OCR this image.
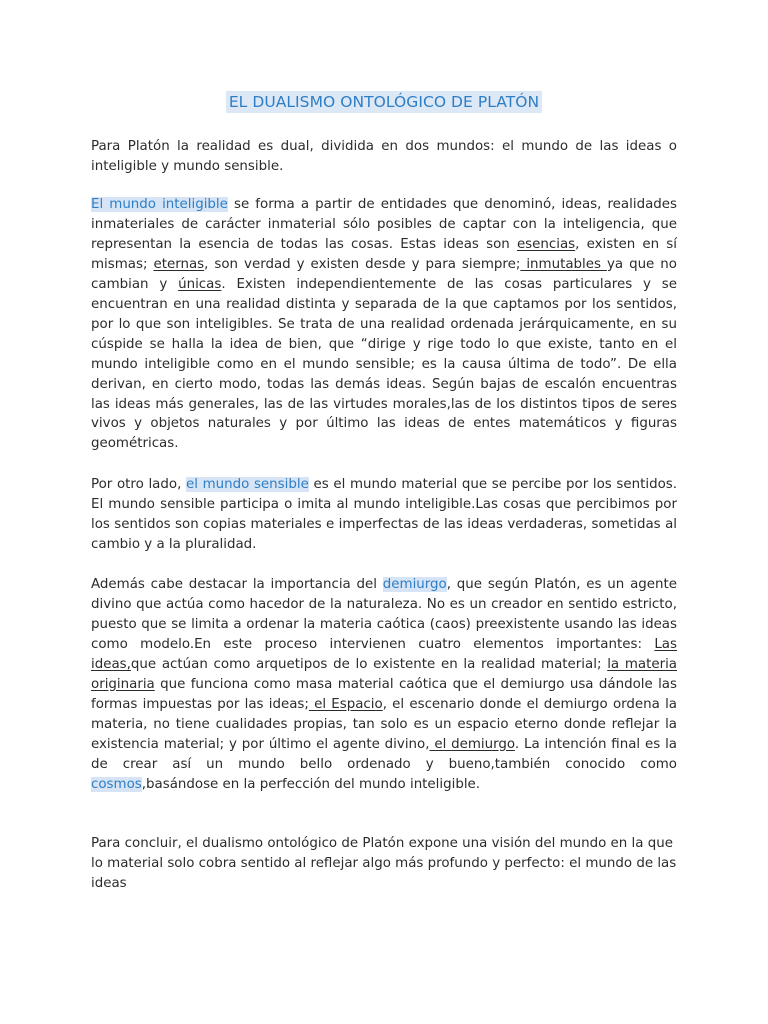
EL DUALISMO ONTOLÓGICO DE PLATÓN

Para Platón la realidad es dual, dividida en dos mundos: el mundo de las ideas o inteligible y mundo sensible.

El mundo inteligible se forma a partir de entidades que denominó, ideas, realidades inmateriales de carácter inmaterial sólo posibles de captar con la inteligencia, que representan la esencia de todas las cosas. Estas ideas son esencias, existen en sí mismas; eternas, son verdad y existen desde y para siempre; inmutables ya que no cambian y únicas. Existen independientemente de las cosas particulares y se encuentran en una realidad distinta y separada de la que captamos por los sentidos, por lo que son inteligibles. Se trata de una realidad ordenada jerárquicamente, en su cúspide se halla la idea de bien, que “dirige y rige todo lo que existe, tanto en el mundo inteligible como en el mundo sensible; es la causa última de todo”. De ella derivan, en cierto modo, todas las demás ideas. Según bajas de escalón encuentras las ideas más generales, las de las virtudes morales,las de los distintos tipos de seres vivos y objetos naturales y por último las ideas de entes matemáticos y figuras geométricas.

Por otro lado, el mundo sensible es el mundo material que se percibe por los sentidos. El mundo sensible participa o imita al mundo inteligible.Las cosas que percibimos por los sentidos son copias materiales e imperfectas de las ideas verdaderas, sometidas al cambio y a la pluralidad.

Además cabe destacar la importancia del demiurgo, que según Platón, es un agente divino que actúa como hacedor de la naturaleza. No es un creador en sentido estricto, puesto que se limita a ordenar la materia caótica (caos) preexistente usando las ideas como modelo.En este proceso intervienen cuatro elementos importantes: Las ideas,que actúan como arquetipos de lo existente en la realidad material; la materia originaria que funciona como masa material caótica que el demiurgo usa dándole las formas impuestas por las ideas; el Espacio, el escenario donde el demiurgo ordena la materia, no tiene cualidades propias, tan solo es un espacio eterno donde reflejar la existencia material; y por último el agente divino, el demiurgo. La intención final es la de crear así un mundo bello ordenado y bueno,también conocido como cosmos,basándose en la perfección del mundo inteligible.

Para concluir, el dualismo ontológico de Platón expone una visión del mundo en la que lo material solo cobra sentido al reflejar algo más profundo y perfecto: el mundo de las ideas
